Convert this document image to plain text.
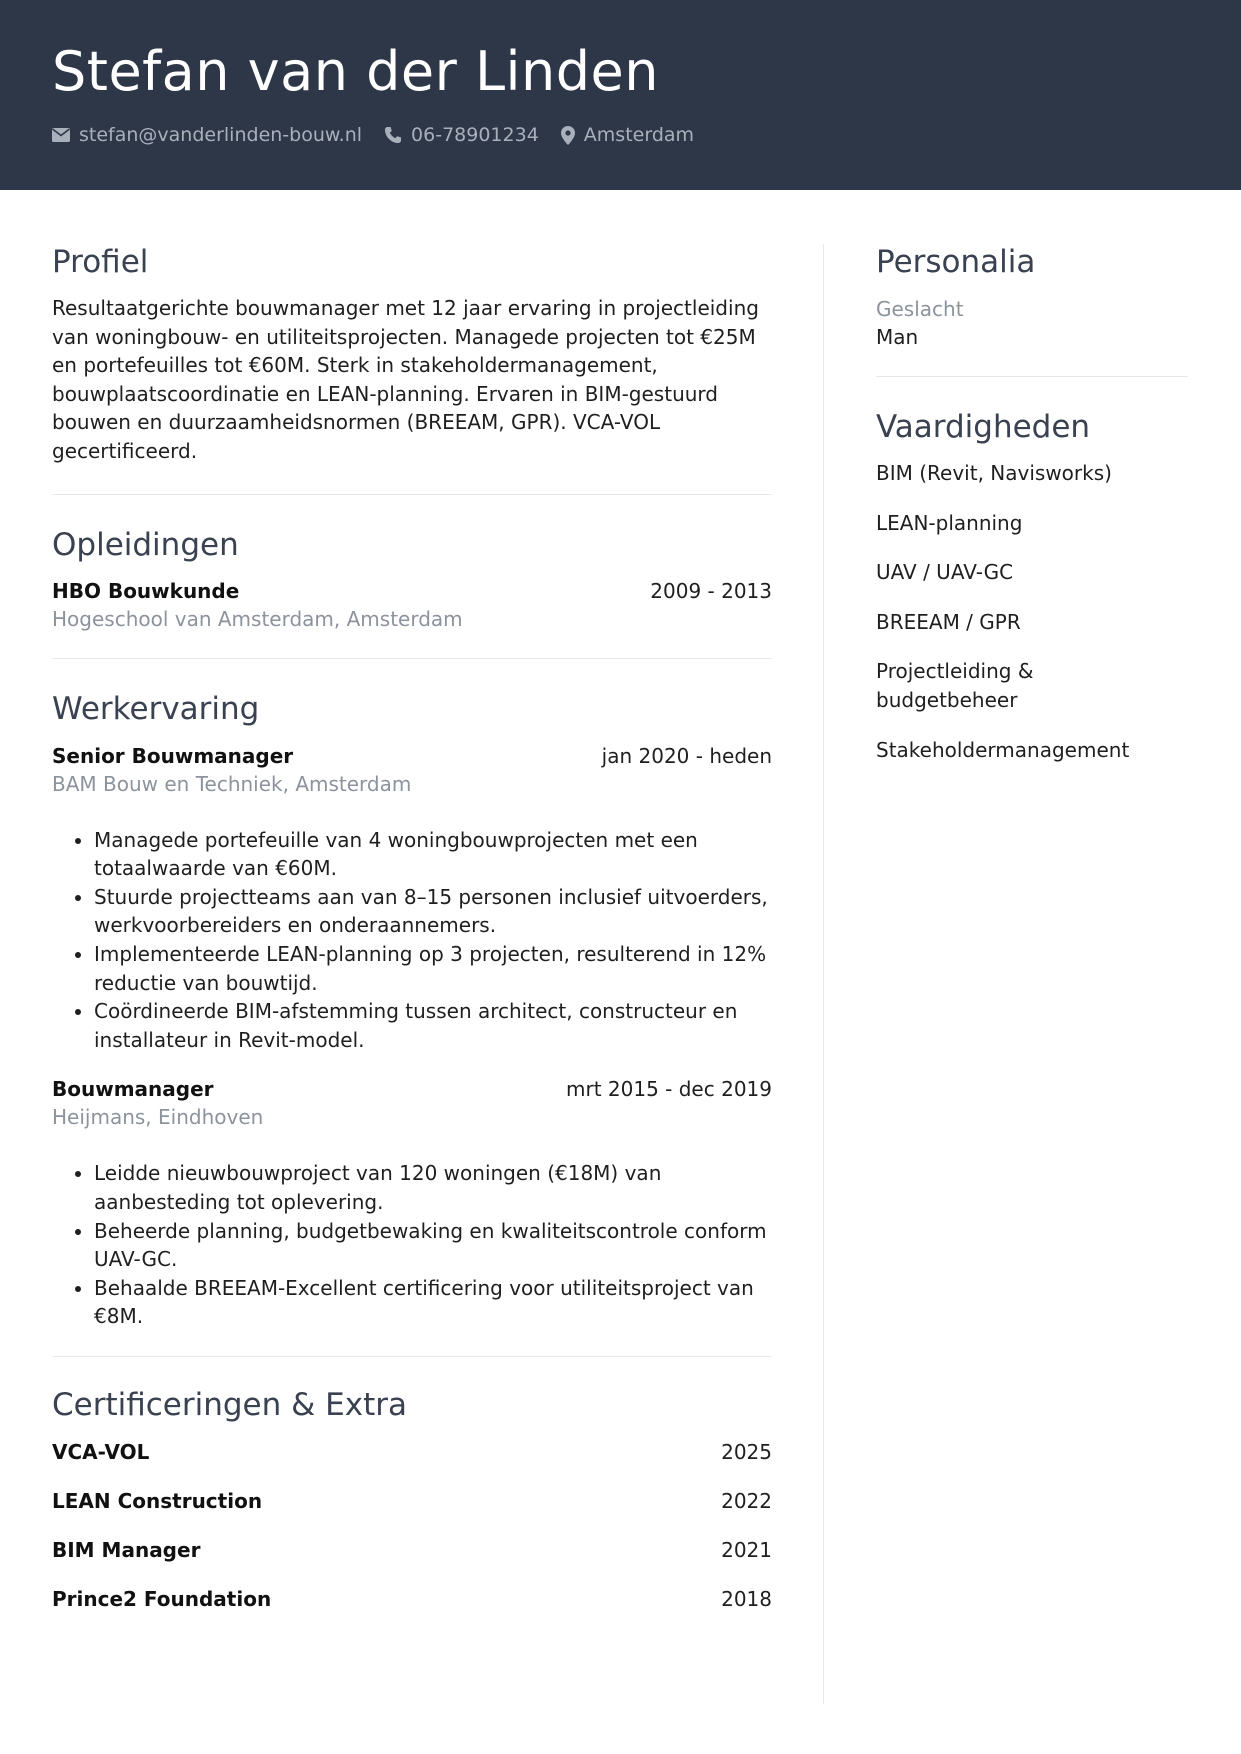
Stefan van der Linden
stefan@vanderlinden-bouw.nl	06-78901234 Amsterdam
Profiel
Resultaatgerichte bouwmanager met 12 jaar ervaring in projectleiding van woningbouw- en utiliteitsprojecten. Managede projecten tot €25M en portefeuilles tot €60M. Sterk in stakeholdermanagement, bouwplaatscoordinatie en LEAN-planning. Ervaren in BIM-gestuurd bouwen en duurzaamheidsnormen (BREEAM, GPR). VCA-VOL gecertificeerd.
Opleidingen
HBO Bouwkunde	2009 - 2013
Hogeschool van Amsterdam, Amsterdam
Werkervaring
Senior Bouwmanager	jan 2020 - heden
BAM Bouw en Techniek, Amsterdam
• Managede portefeuille van 4 woningbouwprojecten met een totaalwaarde van €60M.
• Stuurde projectteams aan van 8–15 personen inclusief uitvoerders, werkvoorbereiders en onderaannemers.
• Implementeerde LEAN-planning op 3 projecten, resulterend in 12% reductie van bouwtijd.
• Coördineerde BIM-afstemming tussen architect, constructeur en installateur in Revit-model.
Bouwmanager	mrt 2015 - dec 2019
Heijmans, Eindhoven
• Leidde nieuwbouwproject van 120 woningen (€18M) van aanbesteding tot oplevering.
• Beheerde planning, budgetbewaking en kwaliteitscontrole conform UAV-GC.
• Behaalde BREEAM-Excellent certificering voor utiliteitsproject van €8M.
Certificeringen & Extra
VCA-VOL	2025
LEAN Construction	2022
BIM Manager	2021
Prince2 Foundation	2018
Personalia
Geslacht
Man
Vaardigheden
BIM (Revit, Navisworks)
LEAN-planning
UAV / UAV-GC
BREEAM / GPR
Projectleiding & budgetbeheer
Stakeholdermanagement
